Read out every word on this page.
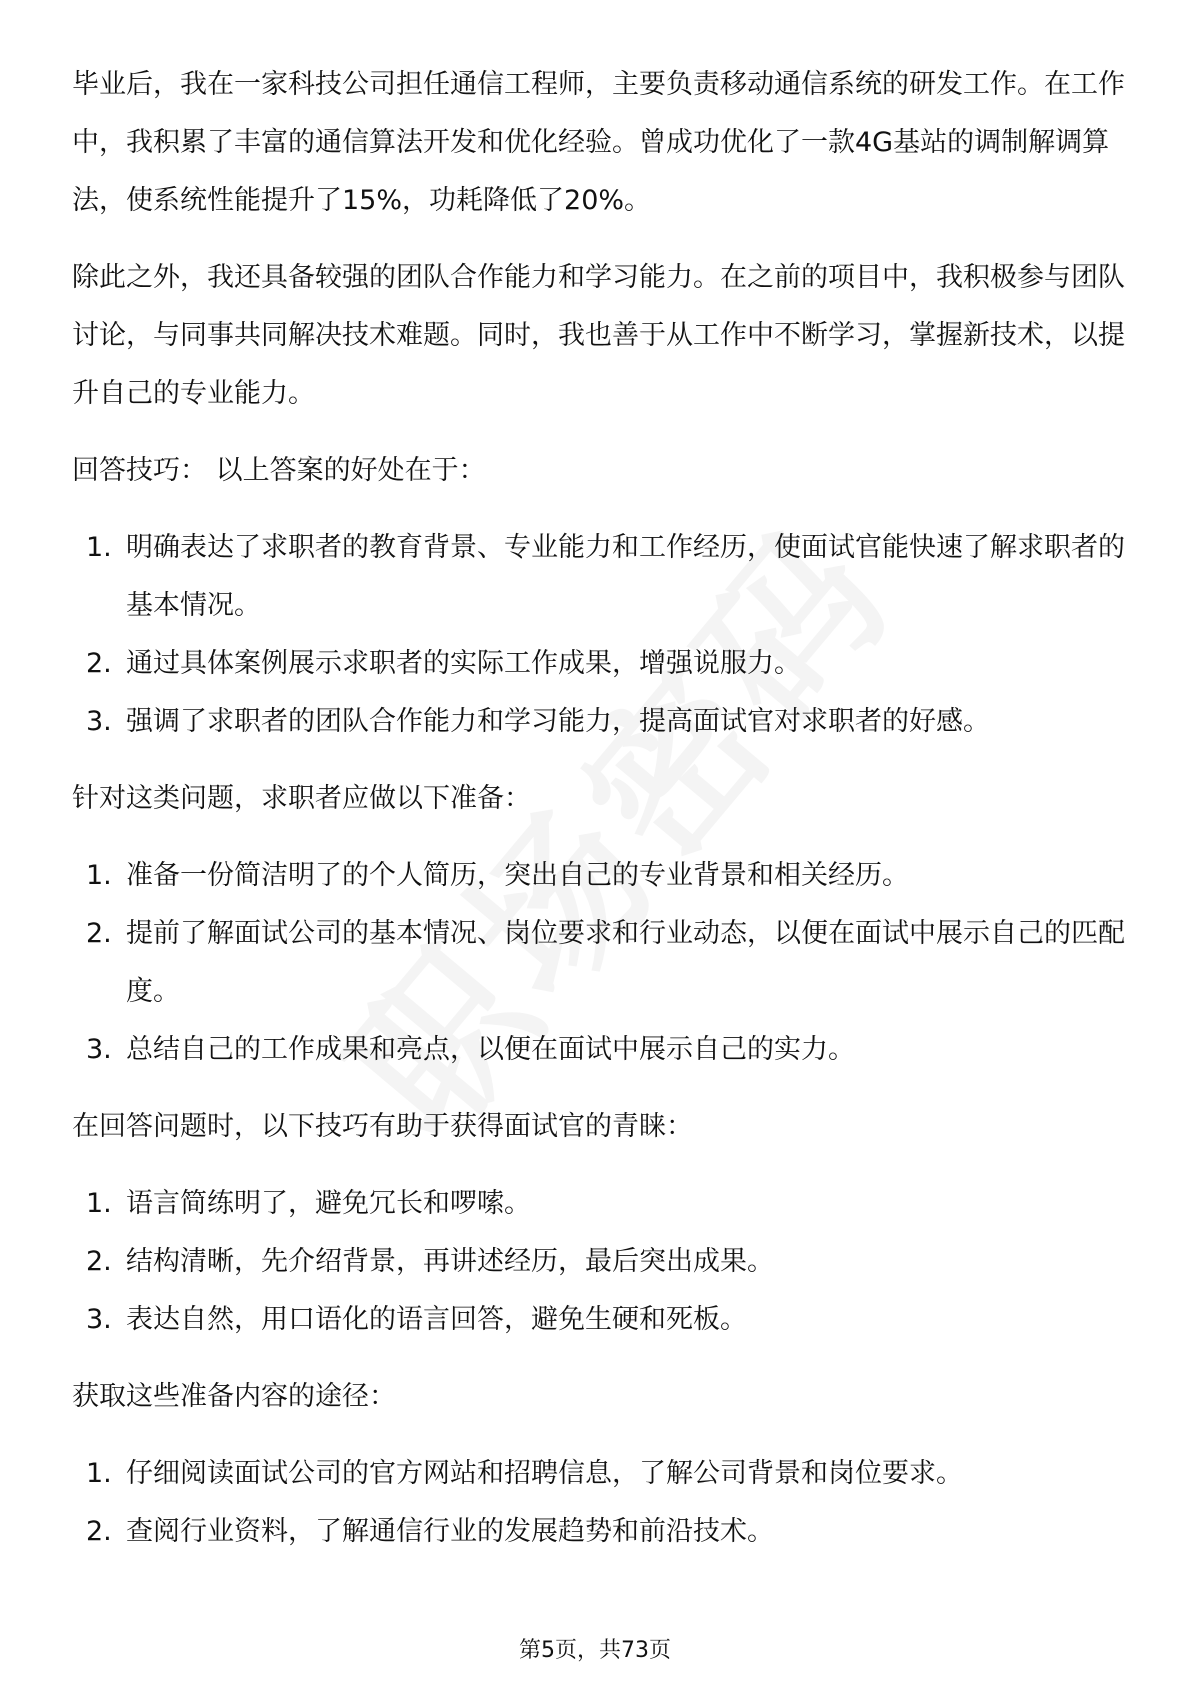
毕业后，我在一家科技公司担任通信工程师，主要负责移动通信系统的研发工作。在工作中，我积累了丰富的通信算法开发和优化经验。曾成功优化了一款4G基站的调制解调算法，使系统性能提升了15%，功耗降低了20%。

除此之外，我还具备较强的团队合作能力和学习能力。在之前的项目中，我积极参与团队讨论，与同事共同解决技术难题。同时，我也善于从工作中不断学习，掌握新技术，以提升自己的专业能力。

回答技巧： 以上答案的好处在于：

1. 明确表达了求职者的教育背景、专业能力和工作经历，使面试官能快速了解求职者的基本情况。
2. 通过具体案例展示求职者的实际工作成果，增强说服力。
3. 强调了求职者的团队合作能力和学习能力，提高面试官对求职者的好感。

针对这类问题，求职者应做以下准备：

1. 准备一份简洁明了的个人简历，突出自己的专业背景和相关经历。
2. 提前了解面试公司的基本情况、岗位要求和行业动态，以便在面试中展示自己的匹配度。
3. 总结自己的工作成果和亮点，以便在面试中展示自己的实力。

在回答问题时，以下技巧有助于获得面试官的青睐：

1. 语言简练明了，避免冗长和啰嗦。
2. 结构清晰，先介绍背景，再讲述经历，最后突出成果。
3. 表达自然，用口语化的语言回答，避免生硬和死板。

获取这些准备内容的途径：

1. 仔细阅读面试公司的官方网站和招聘信息，了解公司背景和岗位要求。
2. 查阅行业资料，了解通信行业的发展趋势和前沿技术。
第5页，共73页
